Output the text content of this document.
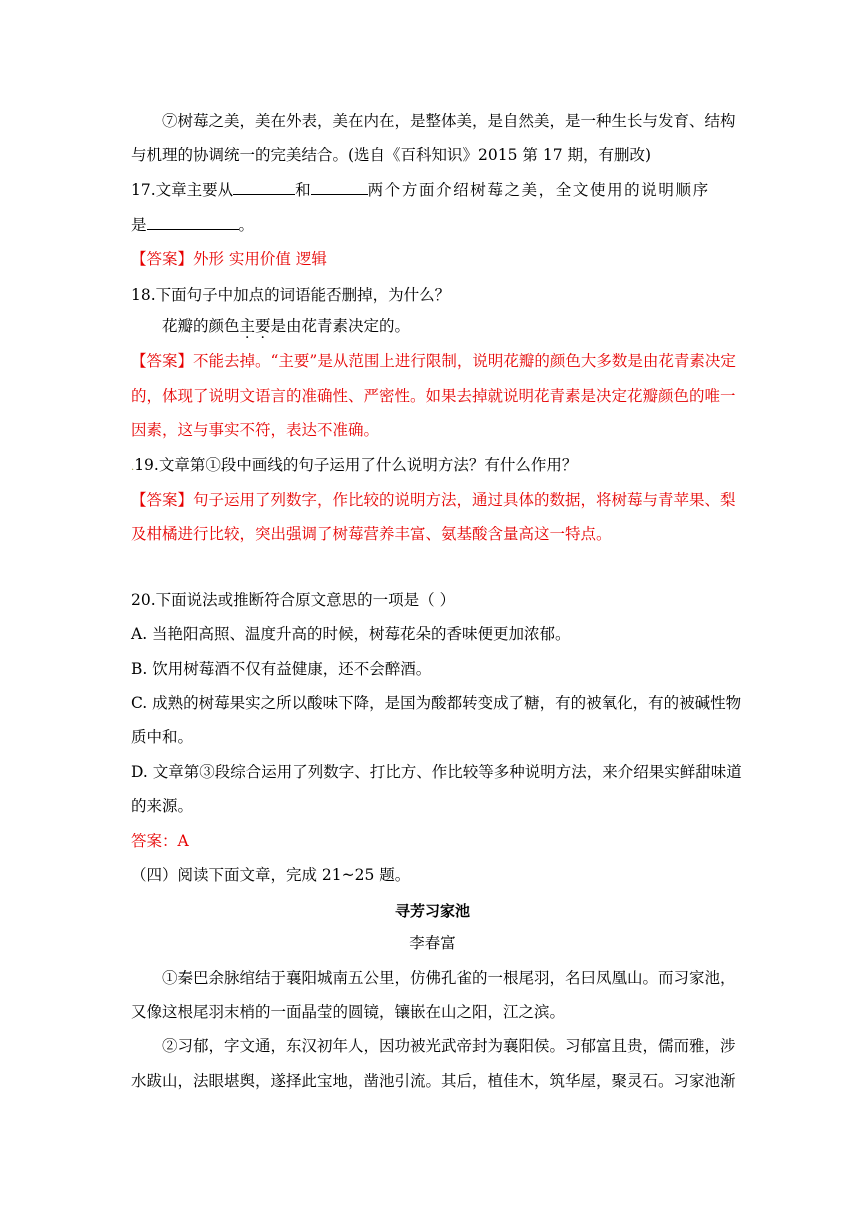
⑦树莓之美，美在外表，美在内在，是整体美，是自然美，是一种生长与发育、结构
与机理的协调统一的完美结合。(选自《百科知识》2015 第 17 期，有删改)
17.文章主要从	和	两个方面介绍树莓之美，全文使用的说明顺序
是	。
【答案】外形 实用价值 逻辑
18.下面句子中加点的词语能否删掉，为什么？
花瓣的颜色主要是由花青素决定的。
【答案】不能去掉。“主要”是从范围上进行限制，说明花瓣的颜色大多数是由花青素决定
的，体现了说明文语言的准确性、严密性。如果去掉就说明花青素是决定花瓣颜色的唯一
因素，这与事实不符，表达不准确。
.19.文章第①段中画线的句子运用了什么说明方法？有什么作用？
【答案】句子运用了列数字，作比较的说明方法，通过具体的数据，将树莓与青苹果、梨
及柑橘进行比较，突出强调了树莓营养丰富、氨基酸含量高这一特点。
20.下面说法或推断符合原文意思的一项是（ ）
A. 当艳阳高照、温度升高的时候，树莓花朵的香味便更加浓郁。
B. 饮用树莓酒不仅有益健康，还不会醉酒。
C. 成熟的树莓果实之所以酸味下降，是国为酸都转变成了糖，有的被氧化，有的被碱性物
质中和。
D. 文章第③段综合运用了列数字、打比方、作比较等多种说明方法，来介绍果实鲜甜味道
的来源。
答案：A
（四）阅读下面文章，完成 21~25 题。
寻芳习家池
李春富
①秦巴余脉绾结于襄阳城南五公里，仿佛孔雀的一根尾羽，名曰凤凰山。而习家池，
又像这根尾羽末梢的一面晶莹的圆镜，镶嵌在山之阳，江之滨。
②习郁，字文通，东汉初年人，因功被光武帝封为襄阳侯。习郁富且贵，儒而雅，涉
水跋山，法眼堪舆，遂择此宝地，凿池引流。其后，植佳木，筑华屋，聚灵石。习家池渐
